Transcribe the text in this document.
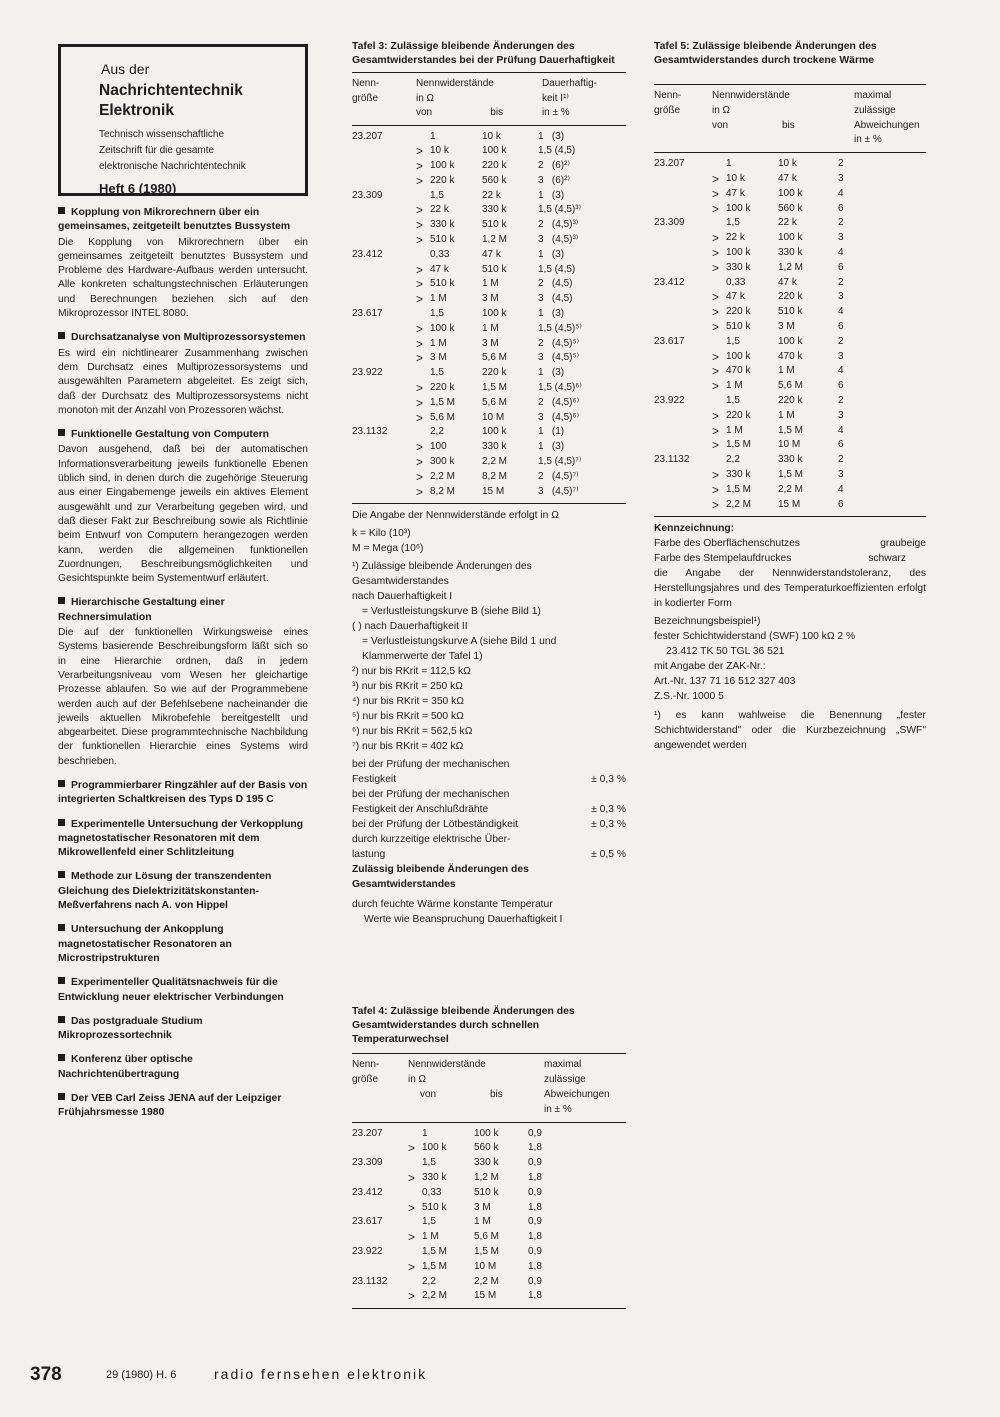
Aus der
Nachrichtentechnik
Elektronik
Technisch wissenschaftliche
Zeitschrift für die gesamte
elektronische Nachrichtentechnik
Heft 6 (1980)
Kopplung von Mikrorechnern über ein gemeinsames, zeitgeteilt benutztes Bussystem

Die Kopplung von Mikrorechnern über ein gemeinsames zeitgeteilt benutztes Bussystem und Probleme des Hardware-Aufbaus werden untersucht. Alle konkreten schaltungstechnischen Erläuterungen und Berechnungen beziehen sich auf den Mikroprozessor INTEL 8080.

Durchsatzanalyse von Multiprozessorsystemen

Es wird ein nichtlinearer Zusammenhang zwischen dem Durchsatz eines Multiprozessorsystems und ausgewählten Parametern abgeleitet. Es zeigt sich, daß der Durchsatz des Multiprozessorsystems nicht monoton mit der Anzahl von Prozessoren wächst.

Funktionelle Gestaltung von Computern

Davon ausgehend, daß bei der automatischen Informationsverarbeitung jeweils funktionelle Ebenen üblich sind, in denen durch die zugehörige Steuerung aus einer Eingabemenge jeweils ein aktives Element ausgewählt und zur Verarbeitung gegeben wird, und daß dieser Fakt zur Beschreibung sowie als Richtlinie beim Entwurf von Computern herangezogen werden kann, werden die allgemeinen funktionellen Zuordnungen, Beschreibungsmöglichkeiten und Gesichtspunkte beim Systementwurf erläutert.

Hierarchische Gestaltung einer Rechnersimulation

Die auf der funktionellen Wirkungsweise eines Systems basierende Beschreibungsform läßt sich so in eine Hierarchie ordnen, daß in jedem Verarbeitungsniveau vom Wesen her gleichartige Prozesse ablaufen. So wie auf der Programmebene werden auch auf der Befehlsebene nacheinander die jeweils aktuellen Mikrobefehle bereitgestellt und abgearbeitet. Diese programmtechnische Nachbildung der funktionellen Hierarchie eines Systems wird beschrieben.

Programmierbarer Ringzähler auf der Basis von integrierten Schaltkreisen des Typs D 195 C
Experimentelle Untersuchung der Verkopplung magnetostatischer Resonatoren mit dem Mikrowellenfeld einer Schlitzleitung
Methode zur Lösung der transzendenten Gleichung des Dielektrizitätskonstanten-Meßverfahrens nach A. von Hippel
Untersuchung der Ankopplung magnetostatischer Resonatoren an Microstripstrukturen
Experimenteller Qualitätsnachweis für die Entwicklung neuer elektrischer Verbindungen
Das postgraduale Studium Mikroprozessortechnik
Konferenz über optische Nachrichtenübertragung
Der VEB Carl Zeiss JENA auf der Leipziger Frühjahrsmesse 1980
Tafel 3: Zulässige bleibende Änderungen des Gesamtwiderstandes bei der Prüfung Dauerhaftigkeit
Nenn-	Nennwiderstände		Dauerhaftig-
größe	in Ω		keit I¹⁾
	von	bis	in ± %
23.207		1	10 k	1   (3)
	>	10 k	100 k	1,5 (4,5)
	>	100 k	220 k	2   (6)²⁾
	>	220 k	560 k	3   (6)²⁾
23.309		1,5	22 k	1   (3)
	>	22 k	330 k	1,5 (4,5)³⁾
	>	330 k	510 k	2   (4,5)³⁾
	>	510 k	1,2 M	3   (4,5)³⁾
23.412		0,33	47 k	1   (3)
	>	47 k	510 k	1,5 (4,5)
	>	510 k	1 M	2   (4,5)
	>	1 M	3 M	3   (4,5)
23.617		1,5	100 k	1   (3)
	>	100 k	1 M	1,5 (4,5)⁵⁾
	>	1 M	3 M	2   (4,5)⁵⁾
	>	3 M	5,6 M	3   (4,5)⁵⁾
23.922		1,5	220 k	1   (3)
	>	220 k	1,5 M	1,5 (4,5)⁶⁾
	>	1,5 M	5,6 M	2   (4,5)⁶⁾
	>	5,6 M	10 M	3   (4,5)⁶⁾
23.1132		2,2	100 k	1   (1)
	>	100	330 k	1   (3)
	>	300 k	2,2 M	1,5 (4,5)⁷⁾
	>	2,2 M	8,2 M	2   (4,5)⁷⁾
	>	8,2 M	15 M	3   (4,5)⁷⁾
Die Angabe der Nennwiderstände erfolgt in Ω
k = Kilo (10³)
M = Mega (10⁶)
¹) Zulässige bleibende Änderungen des
Gesamtwiderstandes
nach Dauerhaftigkeit I
= Verlustleistungskurve B (siehe Bild 1)
( ) nach Dauerhaftigkeit II
= Verlustleistungskurve A (siehe Bild 1 und
Klammerwerte der Tafel 1)
²) nur bis RKrit = 112,5 kΩ
³) nur bis RKrit = 250 kΩ
⁴) nur bis RKrit = 350 kΩ
⁵) nur bis RKrit = 500 kΩ
⁶) nur bis RKrit = 562,5 kΩ
⁷) nur bis RKrit = 402 kΩ
bei der Prüfung der mechanischen
Festigkeit	± 0,3 %
bei der Prüfung der mechanischen
Festigkeit der Anschlußdrähte	± 0,3 %
bei der Prüfung der Lötbeständigkeit	± 0,3 %
durch kurzzeitige elektrische Über-
lastung	± 0,5 %
Zulässig bleibende Änderungen des
Gesamtwiderstandes
durch feuchte Wärme konstante Temperatur
Werte wie Beanspruchung Dauerhaftigkeit I
Tafel 4: Zulässige bleibende Änderungen des Gesamtwiderstandes durch schnellen Temperaturwechsel
Nenn-	Nennwiderstände		maximal
größe	in Ω		zulässige
	von	bis	Abweichungen
			in ± %
23.207		1	100 k	0,9
	>	100 k	560 k	1,8
23.309		1,5	330 k	0,9
	>	330 k	1,2 M	1,8
23.412		0,33	510 k	0,9
	>	510 k	3 M	1,8
23.617		1,5	1 M	0,9
	>	1 M	5,6 M	1,8
23.922		1,5 M	1,5 M	0,9
	>	1,5 M	10 M	1,8
23.1132		2,2	2,2 M	0,9
	>	2,2 M	15 M	1,8
Tafel 5: Zulässige bleibende Änderungen des Gesamtwiderstandes durch trockene Wärme
Nenn-	Nennwiderstände		maximal
größe	in Ω		zulässige
	von	bis	Abweichungen
			in ± %
23.207		1	10 k	2
	>	10 k	47 k	3
	>	47 k	100 k	4
	>	100 k	560 k	6
23.309		1,5	22 k	2
	>	22 k	100 k	3
	>	100 k	330 k	4
	>	330 k	1,2 M	6
23.412		0,33	47 k	2
	>	47 k	220 k	3
	>	220 k	510 k	4
	>	510 k	3 M	6
23.617		1,5	100 k	2
	>	100 k	470 k	3
	>	470 k	1 M	4
	>	1 M	5,6 M	6
23.922		1,5	220 k	2
	>	220 k	1 M	3
	>	1 M	1,5 M	4
	>	1,5 M	10 M	6
23.1132		2,2	330 k	2
	>	330 k	1,5 M	3
	>	1,5 M	2,2 M	4
	>	2,2 M	15 M	6
Kennzeichnung:
Farbe des Oberflächenschutzes	graubeige
Farbe des Stempelaufdruckes	schwarz
die Angabe der Nennwiderstandstoleranz, des Herstellungsjahres und des Temperaturkoeffizienten erfolgt in kodierter Form
Bezeichnungsbeispiel¹)
fester Schichtwiderstand (SWF) 100 kΩ 2 %
23.412 TK 50 TGL 36 521
mit Angabe der ZAK-Nr.:
Art.-Nr. 137 71 16 512 327 403
Z.S.-Nr. 1000 5
¹) es kann wahlweise die Benennung „fester Schichtwiderstand" oder die Kurzbezeichnung „SWF" angewendet werden
378	29 (1980) H. 6	radio fernsehen elektronik
